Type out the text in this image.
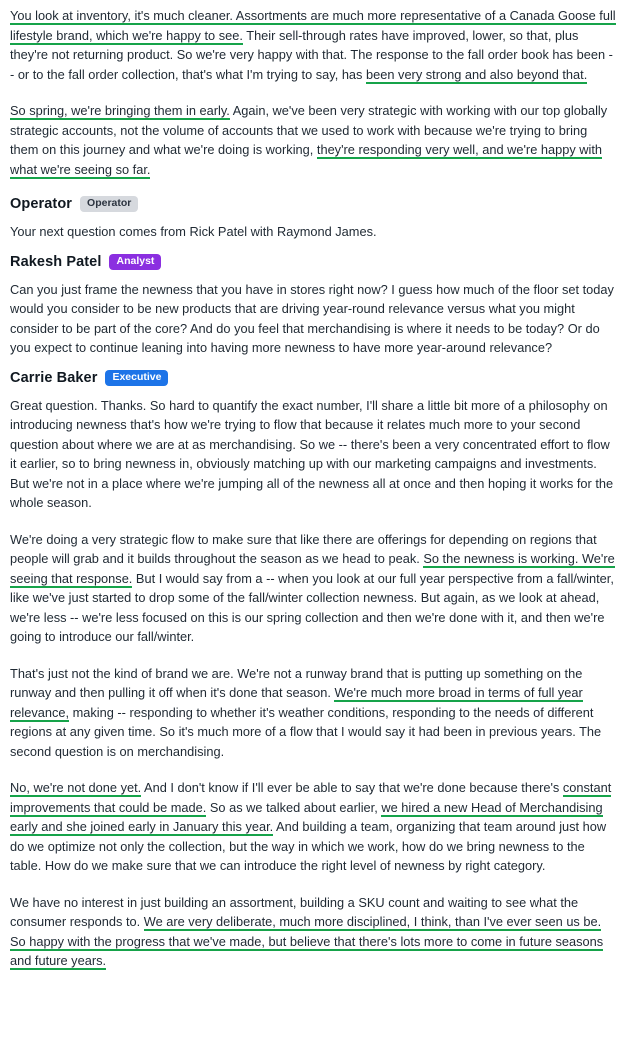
You look at inventory, it's much cleaner. Assortments are much more representative of a Canada Goose full lifestyle brand, which we're happy to see. Their sell-through rates have improved, lower, so that, plus they're not returning product. So we're very happy with that. The response to the fall order book has been -- or to the fall order collection, that's what I'm trying to say, has been very strong and also beyond that.

So spring, we're bringing them in early. Again, we've been very strategic with working with our top globally strategic accounts, not the volume of accounts that we used to work with because we're trying to bring them on this journey and what we're doing is working, they're responding very well, and we're happy with what we're seeing so far.

Operator	Operator

Your next question comes from Rick Patel with Raymond James.

Rakesh Patel	Analyst

Can you just frame the newness that you have in stores right now? I guess how much of the floor set today would you consider to be new products that are driving year-round relevance versus what you might consider to be part of the core? And do you feel that merchandising is where it needs to be today? Or do you expect to continue leaning into having more newness to have more year-around relevance?

Carrie Baker	Executive

Great question. Thanks. So hard to quantify the exact number, I'll share a little bit more of a philosophy on introducing newness that's how we're trying to flow that because it relates much more to your second question about where we are at as merchandising. So we -- there's been a very concentrated effort to flow it earlier, so to bring newness in, obviously matching up with our marketing campaigns and investments. But we're not in a place where we're jumping all of the newness all at once and then hoping it works for the whole season.

We're doing a very strategic flow to make sure that like there are offerings for depending on regions that people will grab and it builds throughout the season as we head to peak. So the newness is working. We're seeing that response. But I would say from a -- when you look at our full year perspective from a fall/winter, like we've just started to drop some of the fall/winter collection newness. But again, as we look at ahead, we're less -- we're less focused on this is our spring collection and then we're done with it, and then we're going to introduce our fall/winter.

That's just not the kind of brand we are. We're not a runway brand that is putting up something on the runway and then pulling it off when it's done that season. We're much more broad in terms of full year relevance, making -- responding to whether it's weather conditions, responding to the needs of different regions at any given time. So it's much more of a flow that I would say it had been in previous years. The second question is on merchandising.

No, we're not done yet. And I don't know if I'll ever be able to say that we're done because there's constant improvements that could be made. So as we talked about earlier, we hired a new Head of Merchandising early and she joined early in January this year. And building a team, organizing that team around just how do we optimize not only the collection, but the way in which we work, how do we bring newness to the table. How do we make sure that we can introduce the right level of newness by right category.

We have no interest in just building an assortment, building a SKU count and waiting to see what the consumer responds to. We are very deliberate, much more disciplined, I think, than I've ever seen us be. So happy with the progress that we've made, but believe that there's lots more to come in future seasons and future years.
